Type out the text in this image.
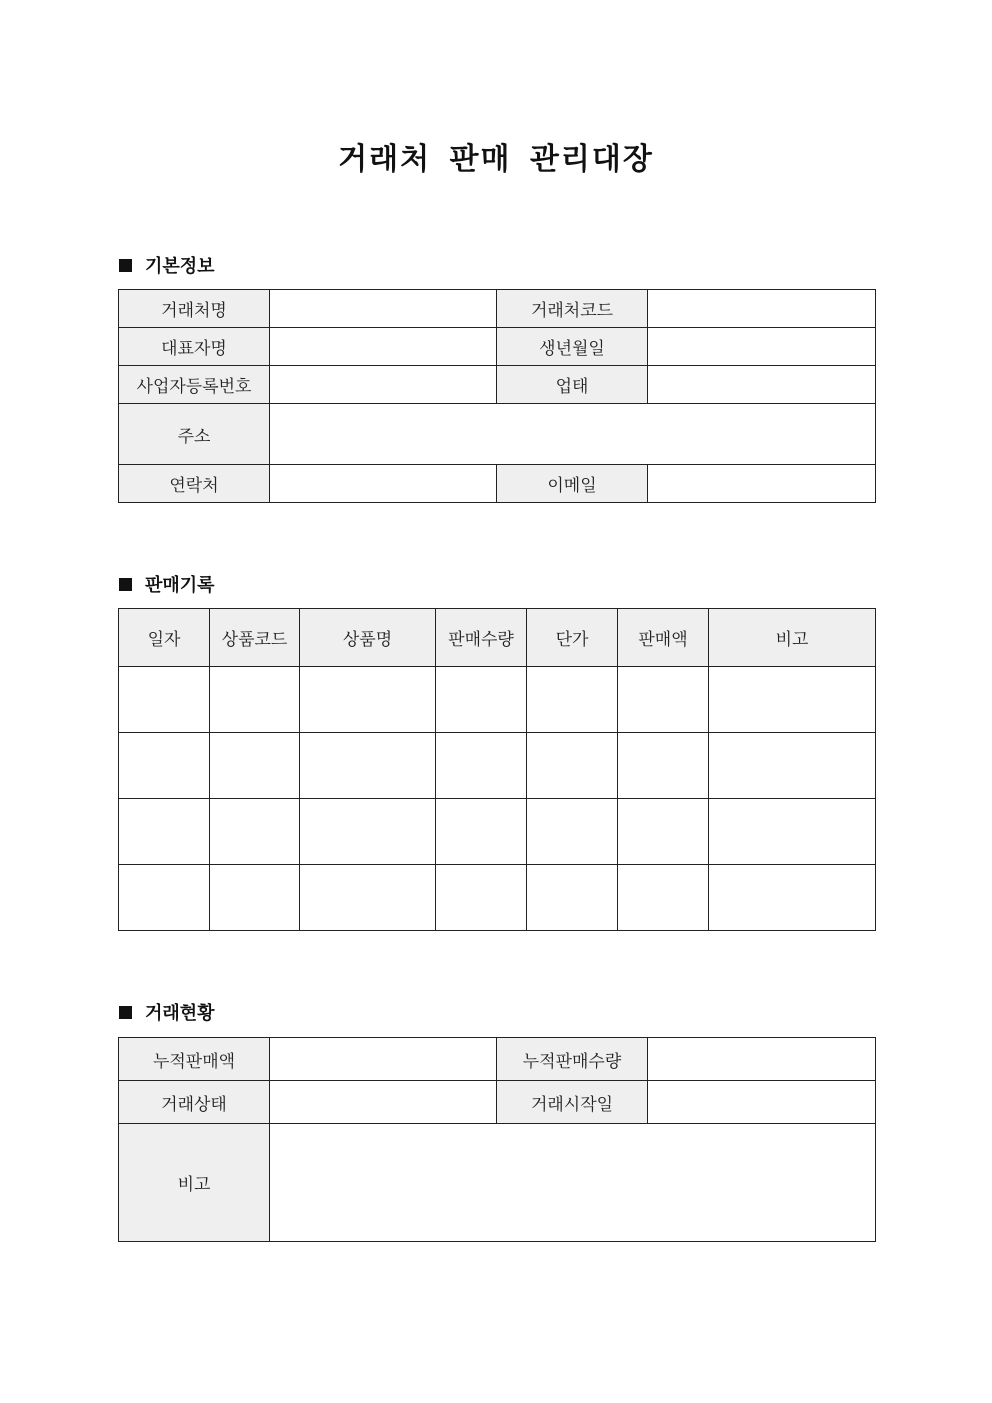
거래처 판매 관리대장
기본정보
거래처명		거래처코드	
대표자명		생년월일	
사업자등록번호		업태	
주소			
연락처		이메일	
판매기록
일자	상품코드	상품명	판매수량	단가	판매액	비고

거래현황
누적판매액		누적판매수량	
거래상태		거래시작일	
비고			
